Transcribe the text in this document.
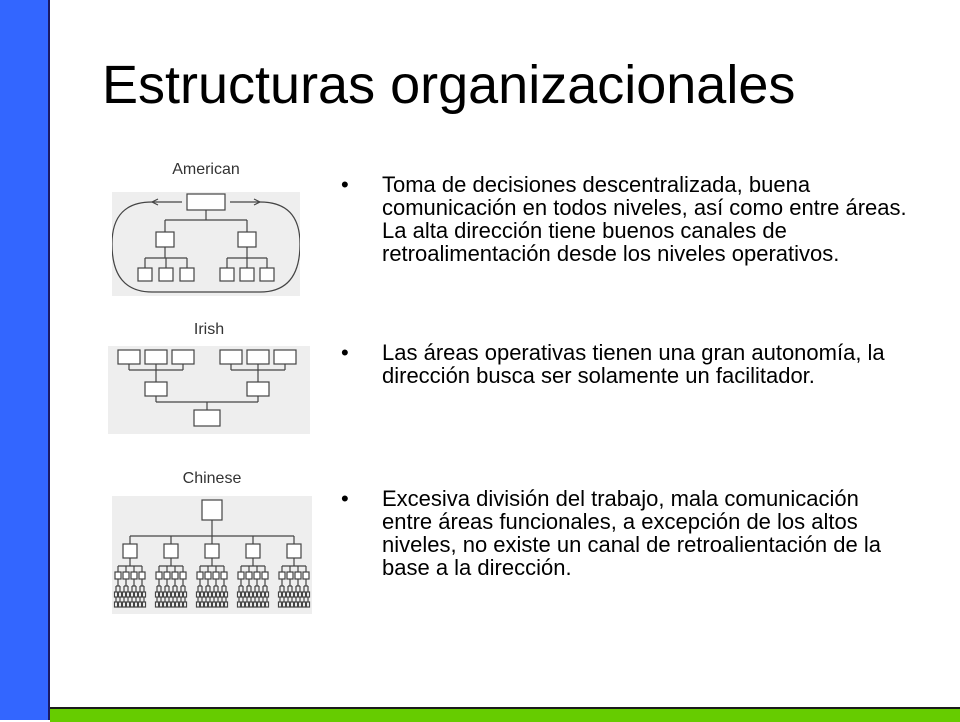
Estructuras organizacionales
American
Irish
Chinese
• Toma de decisiones descentralizada, buena comunicación en todos niveles, así como entre áreas. La alta dirección tiene buenos canales de retroalimentación desde los niveles operativos.
• Las áreas operativas tienen una gran autonomía, la dirección busca ser solamente un facilitador.
• Excesiva división del trabajo, mala comunicación entre áreas funcionales, a excepción de los altos niveles, no existe un canal de retroalientación de la base a la dirección.
